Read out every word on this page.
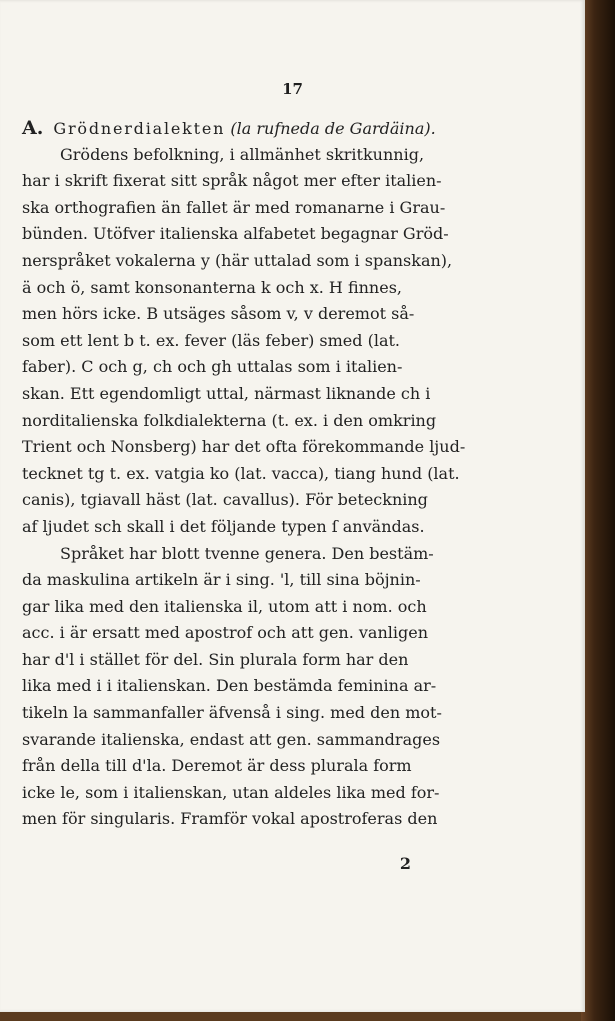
17
A. Grödnerdialekten (la rufneda de Gardäina).
Grödens befolkning, i allmänhet skritkunnig,
har i skrift fixerat sitt språk något mer efter italien-
ska orthografien än fallet är med romanarne i Grau-
bünden. Utöfver italienska alfabetet begagnar Gröd-
nerspråket vokalerna y (här uttalad som i spanskan),
ä och ö, samt konsonanterna k och x. H finnes,
men hörs icke. B utsäges såsom v, v deremot så-
som ett lent b t. ex. fever (läs feber) smed (lat.
faber). C och g, ch och gh uttalas som i italien-
skan. Ett egendomligt uttal, närmast liknande ch i
norditalienska folkdialekterna (t. ex. i den omkring
Trient och Nonsberg) har det ofta förekommande ljud-
tecknet tg t. ex. vatgia ko (lat. vacca), tiang hund (lat.
canis), tgiavall häst (lat. cavallus). För beteckning
af ljudet sch skall i det följande typen ſ användas.
Språket har blott tvenne genera. Den bestäm-
da maskulina artikeln är i sing. 'l, till sina böjnin-
gar lika med den italienska il, utom att i nom. och
acc. i är ersatt med apostrof och att gen. vanligen
har d'l i stället för del. Sin plurala form har den
lika med i i italienskan. Den bestämda feminina ar-
tikeln la sammanfaller äfvenså i sing. med den mot-
svarande italienska, endast att gen. sammandrages
från della till d'la. Deremot är dess plurala form
icke le, som i italienskan, utan aldeles lika med for-
men för singularis. Framför vokal apostroferas den
2
